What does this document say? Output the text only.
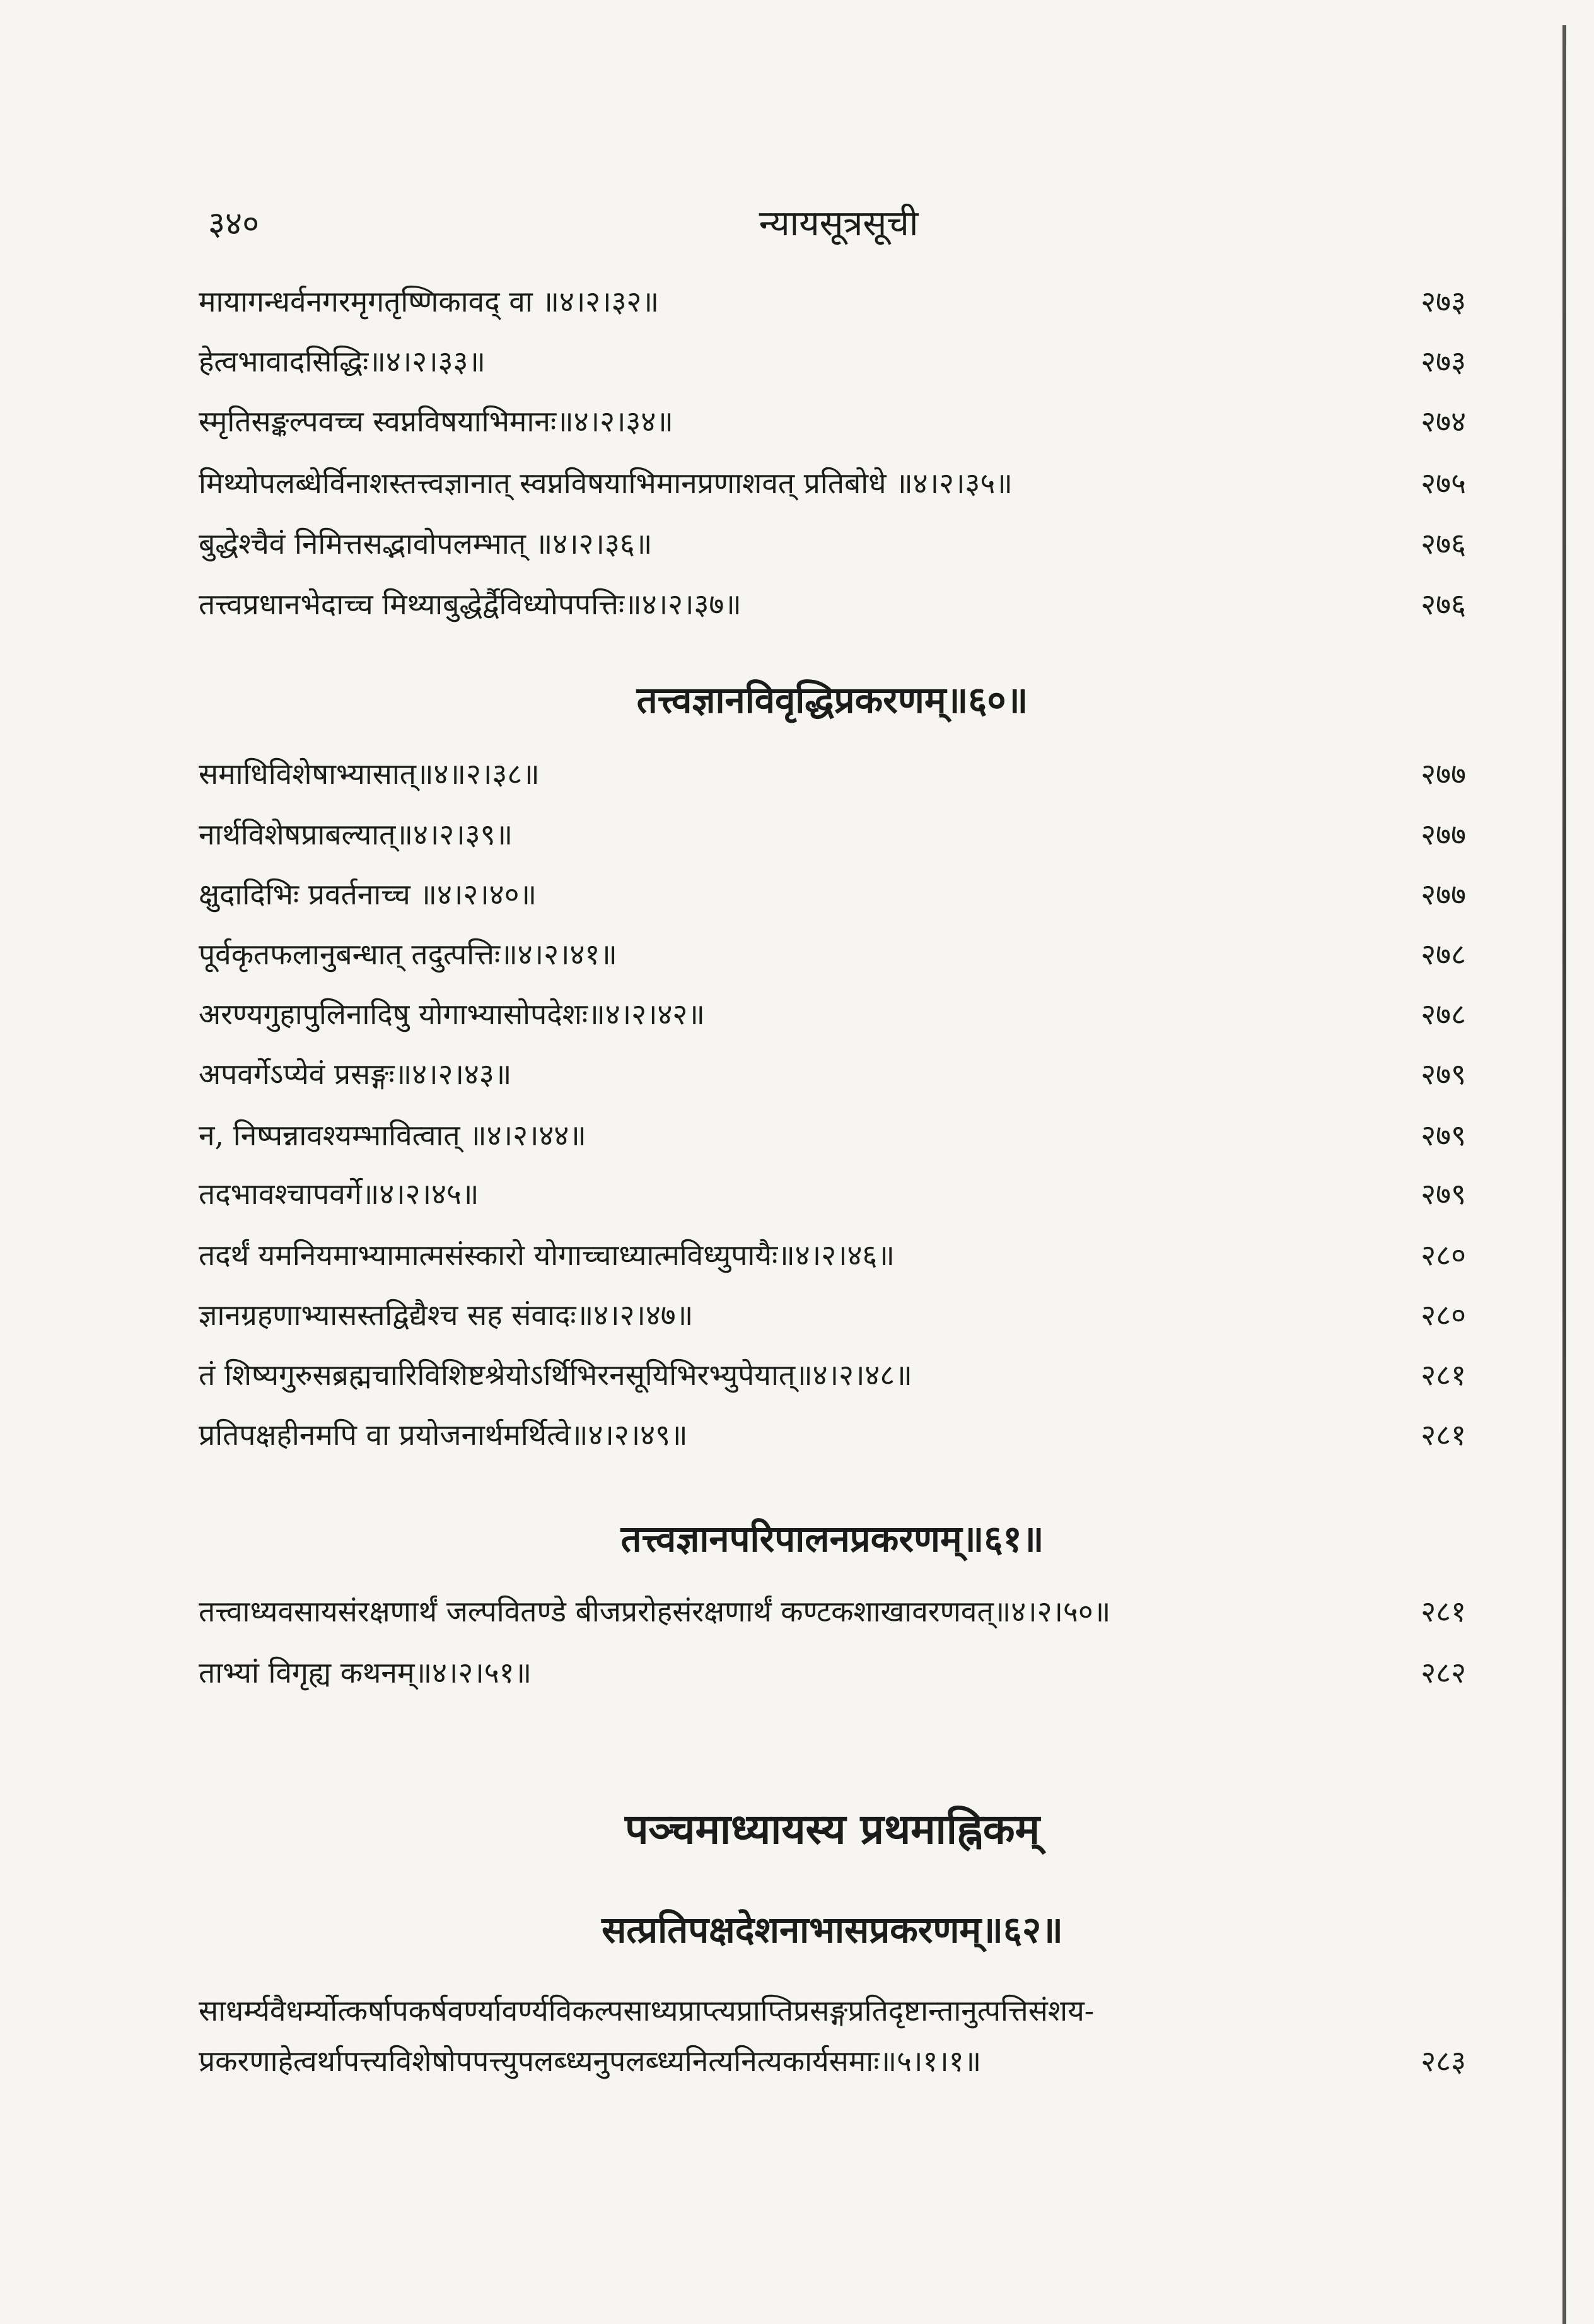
३४०	न्यायसूत्रसूची
मायागन्धर्वनगरमृगतृष्णिकावद् वा ॥४।२।३२॥	२७३
हेत्वभावादसिद्धिः॥४।२।३३॥	२७३
स्मृतिसङ्कल्पवच्च स्वप्नविषयाभिमानः॥४।२।३४॥	२७४
मिथ्योपलब्धेर्विनाशस्तत्त्वज्ञानात् स्वप्नविषयाभिमानप्रणाशवत् प्रतिबोधे ॥४।२।३५॥	२७५
बुद्धेश्चैवं निमित्तसद्भावोपलम्भात् ॥४।२।३६॥	२७६
तत्त्वप्रधानभेदाच्च मिथ्याबुद्धेर्द्वैविध्योपपत्तिः॥४।२।३७॥	२७६
तत्त्वज्ञानविवृद्धिप्रकरणम्॥६०॥
समाधिविशेषाभ्यासात्॥४॥२।३८॥	२७७
नार्थविशेषप्राबल्यात्॥४।२।३९॥	२७७
क्षुदादिभिः प्रवर्तनाच्च ॥४।२।४०॥	२७७
पूर्वकृतफलानुबन्धात् तदुत्पत्तिः॥४।२।४१॥	२७८
अरण्यगुहापुलिनादिषु योगाभ्यासोपदेशः॥४।२।४२॥	२७८
अपवर्गेऽप्येवं प्रसङ्गः॥४।२।४३॥	२७९
न, निष्पन्नावश्यम्भावित्वात् ॥४।२।४४॥	२७९
तदभावश्चापवर्गे॥४।२।४५॥	२७९
तदर्थं यमनियमाभ्यामात्मसंस्कारो योगाच्चाध्यात्मविध्युपायैः॥४।२।४६॥	२८०
ज्ञानग्रहणाभ्यासस्तद्विद्यैश्च सह संवादः॥४।२।४७॥	२८०
तं शिष्यगुरुसब्रह्मचारिविशिष्टश्रेयोऽर्थिभिरनसूयिभिरभ्युपेयात्॥४।२।४८॥	२८१
प्रतिपक्षहीनमपि वा प्रयोजनार्थमर्थित्वे॥४।२।४९॥	२८१
तत्त्वज्ञानपरिपालनप्रकरणम्॥६१॥
तत्त्वाध्यवसायसंरक्षणार्थं जल्पवितण्डे बीजप्ररोहसंरक्षणार्थं कण्टकशाखावरणवत्॥४।२।५०॥	२८१
ताभ्यां विगृह्य कथनम्॥४।२।५१॥	२८२
पञ्चमाध्यायस्य प्रथमाह्निकम्
सत्प्रतिपक्षदेशनाभासप्रकरणम्॥६२॥
साधर्म्यवैधर्म्योत्कर्षापकर्षवर्ण्यावर्ण्यविकल्पसाध्यप्राप्त्यप्राप्तिप्रसङ्गप्रतिदृष्टान्तानुत्पत्तिसंशय-
प्रकरणाहेत्वर्थापत्त्यविशेषोपपत्त्युपलब्ध्यनुपलब्ध्यनित्यनित्यकार्यसमाः॥५।१।१॥	२८३
